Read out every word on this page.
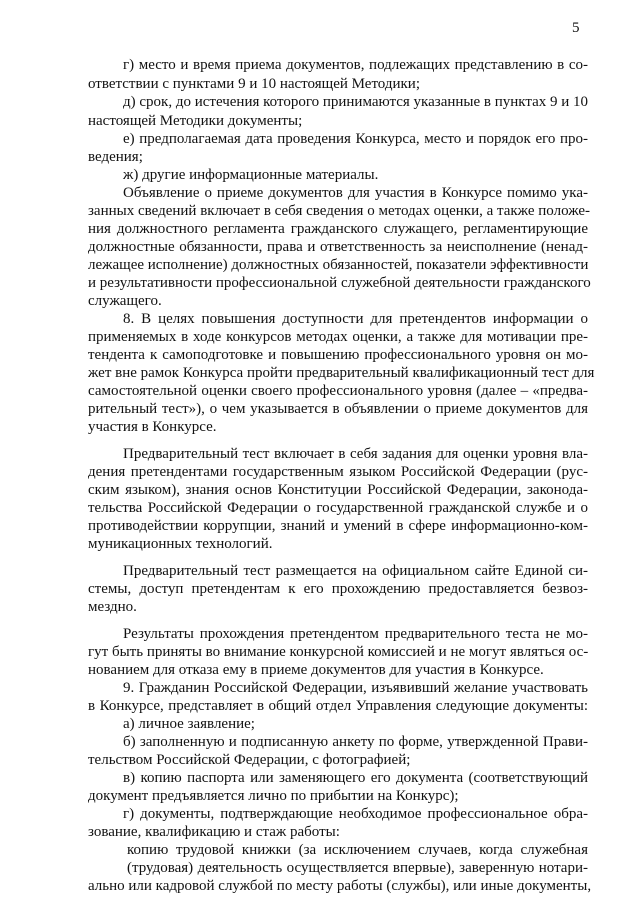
5
г) место и время приема документов, подлежащих представлению в со-
ответствии с пунктами 9 и 10 настоящей Методики;
д) срок, до истечения которого принимаются указанные в пунктах 9 и 10
настоящей Методики документы;
е) предполагаемая дата проведения Конкурса, место и порядок его про-
ведения;
ж) другие информационные материалы.
Объявление о приеме документов для участия в Конкурсе помимо ука-
занных сведений включает в себя сведения о методах оценки, а также положе-
ния должностного регламента гражданского служащего, регламентирующие
должностные обязанности, права и ответственность за неисполнение (ненад-
лежащее исполнение) должностных обязанностей, показатели эффективности
и результативности профессиональной служебной деятельности гражданского
служащего.
8. В целях повышения доступности для претендентов информации о
применяемых в ходе конкурсов методах оценки, а также для мотивации пре-
тендента к самоподготовке и повышению профессионального уровня он мо-
жет вне рамок Конкурса пройти предварительный квалификационный тест для
самостоятельной оценки своего профессионального уровня (далее – «предва-
рительный тест»), о чем указывается в объявлении о приеме документов для
участия в Конкурсе.
Предварительный тест включает в себя задания для оценки уровня вла-
дения претендентами государственным языком Российской Федерации (рус-
ским языком), знания основ Конституции Российской Федерации, законода-
тельства Российской Федерации о государственной гражданской службе и о
противодействии коррупции, знаний и умений в сфере информационно-ком-
муникационных технологий.
Предварительный тест размещается на официальном сайте Единой си-
стемы, доступ претендентам к его прохождению предоставляется безвоз-
мездно.
Результаты прохождения претендентом предварительного теста не мо-
гут быть приняты во внимание конкурсной комиссией и не могут являться ос-
нованием для отказа ему в приеме документов для участия в Конкурсе.
9. Гражданин Российской Федерации, изъявивший желание участвовать
в Конкурсе, представляет в общий отдел Управления следующие документы:
а) личное заявление;
б) заполненную и подписанную анкету по форме, утвержденной Прави-
тельством Российской Федерации, с фотографией;
в) копию паспорта или заменяющего его документа (соответствующий
документ предъявляется лично по прибытии на Конкурс);
г) документы, подтверждающие необходимое профессиональное обра-
зование, квалификацию и стаж работы:
копию трудовой книжки (за исключением случаев, когда служебная
(трудовая) деятельность осуществляется впервые), заверенную нотари-
ально или кадровой службой по месту работы (службы), или иные документы,
